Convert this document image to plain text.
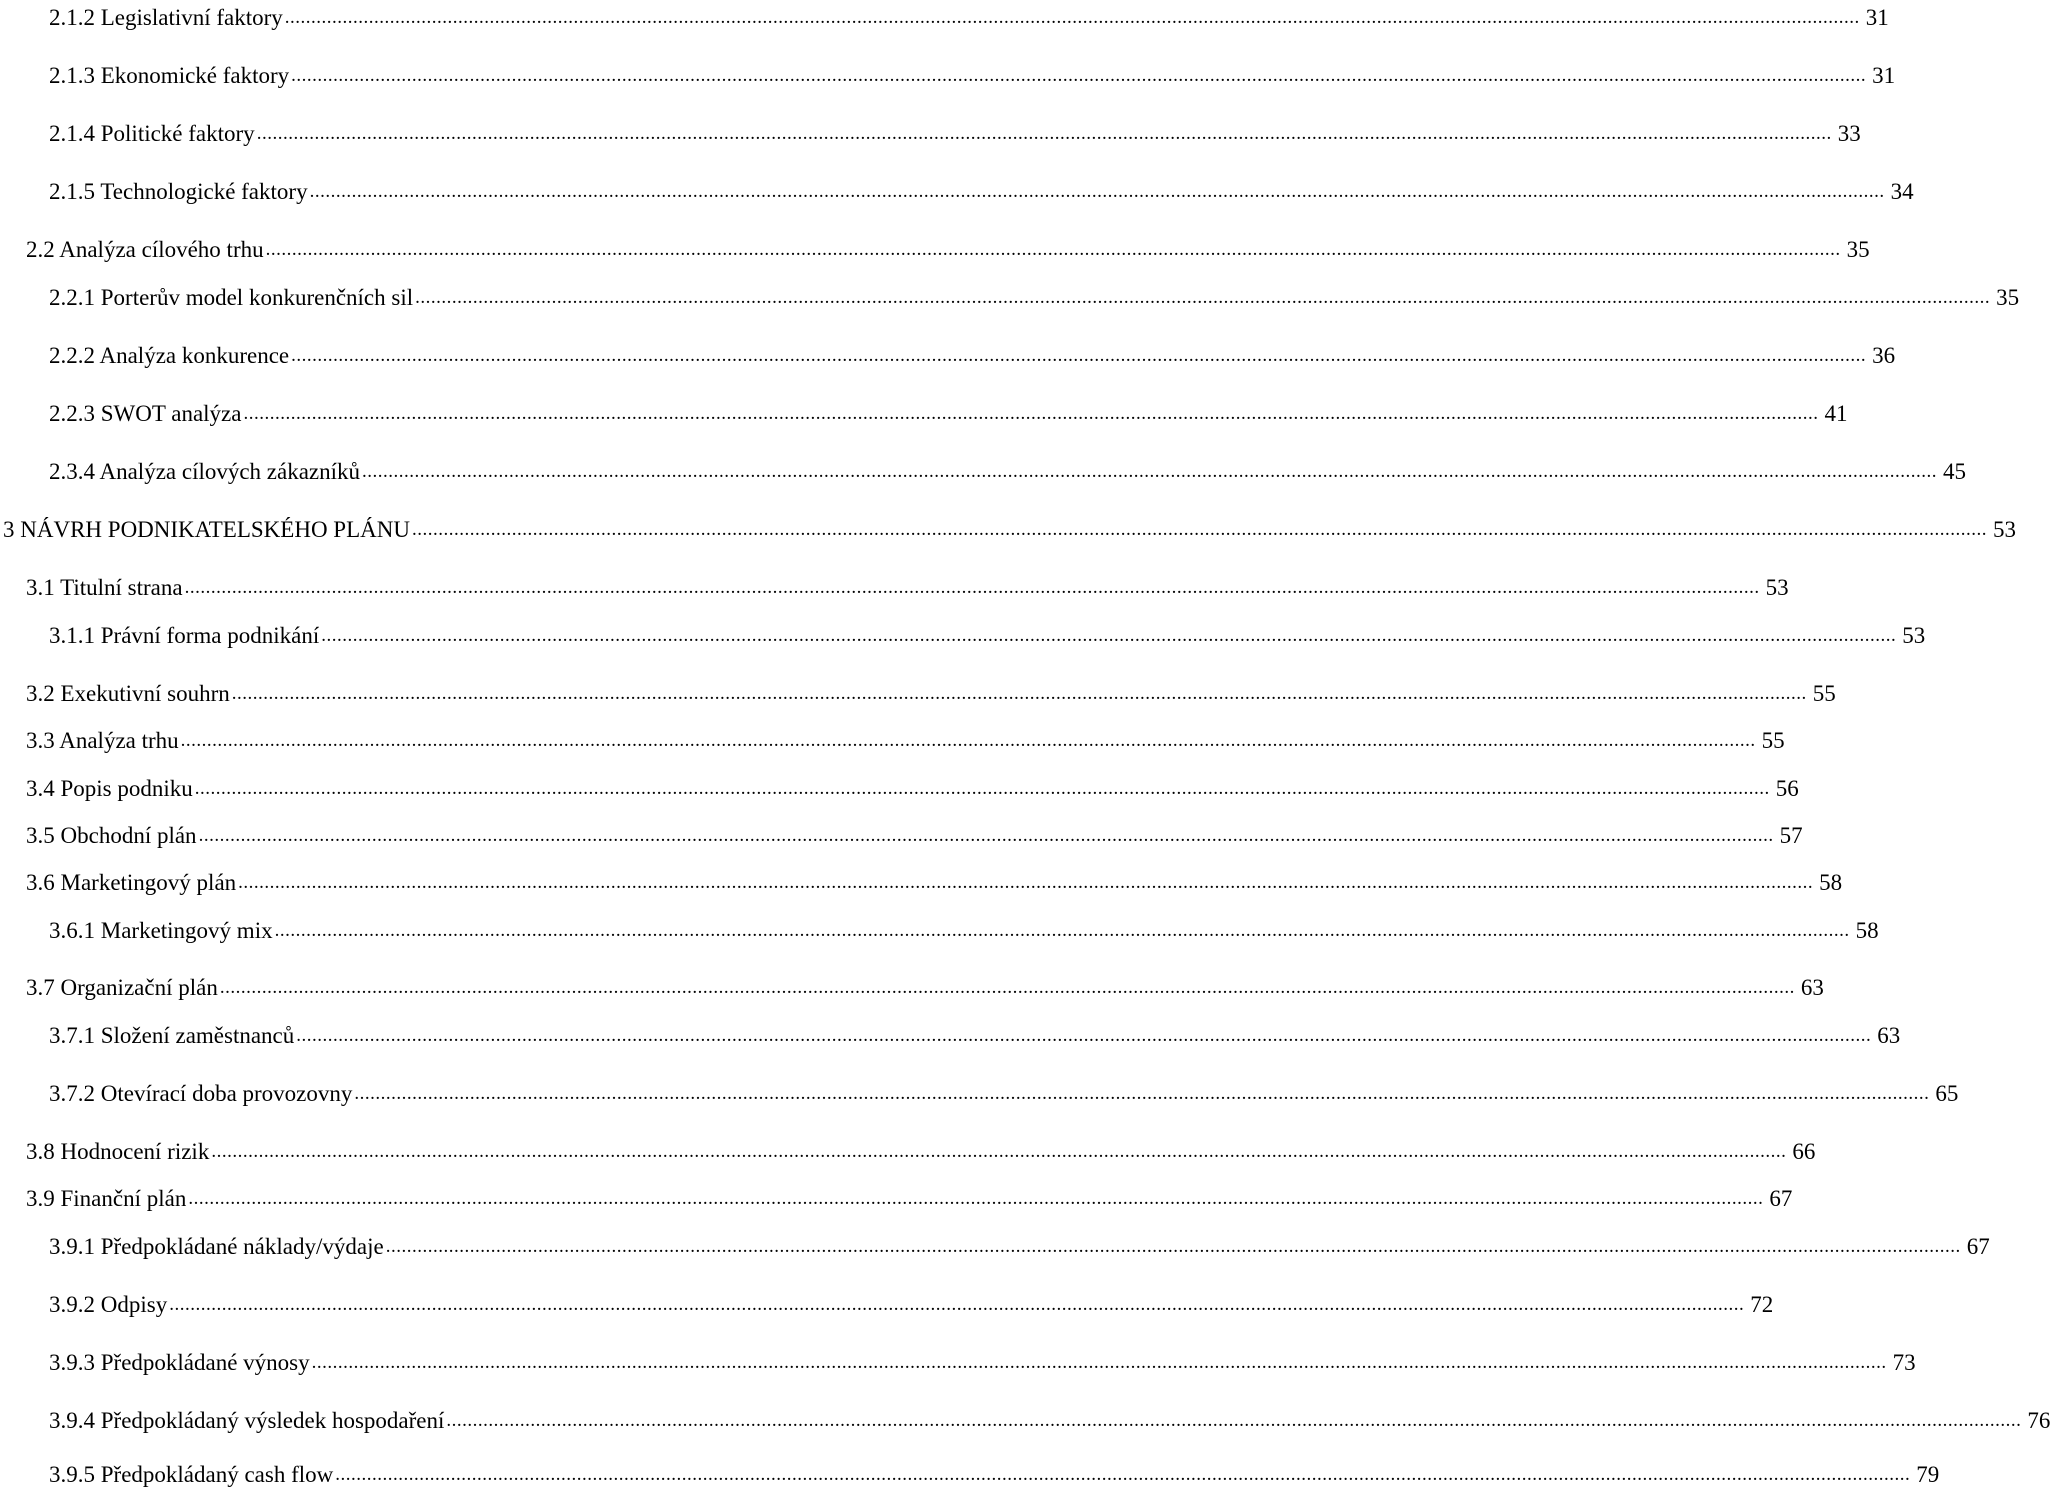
2.1.2 Legislativní faktory ............................................................................................................................................................................................................................................................................................................ 31
2.1.3 Ekonomické faktory ............................................................................................................................................................................................................................................................................................................ 31
2.1.4 Politické faktory ............................................................................................................................................................................................................................................................................................................ 33
2.1.5 Technologické faktory ............................................................................................................................................................................................................................................................................................................ 34
2.2 Analýza cílového trhu ............................................................................................................................................................................................................................................................................................................ 35
2.2.1 Porterův model konkurenčních sil ............................................................................................................................................................................................................................................................................................................ 35
2.2.2 Analýza konkurence ............................................................................................................................................................................................................................................................................................................ 36
2.2.3 SWOT analýza ............................................................................................................................................................................................................................................................................................................ 41
2.3.4 Analýza cílových zákazníků ............................................................................................................................................................................................................................................................................................................ 45
3 NÁVRH PODNIKATELSKÉHO PLÁNU ............................................................................................................................................................................................................................................................................................................ 53
3.1 Titulní strana ............................................................................................................................................................................................................................................................................................................ 53
3.1.1 Právní forma podnikání ............................................................................................................................................................................................................................................................................................................ 53
3.2 Exekutivní souhrn ............................................................................................................................................................................................................................................................................................................ 55
3.3 Analýza trhu ............................................................................................................................................................................................................................................................................................................ 55
3.4 Popis podniku ............................................................................................................................................................................................................................................................................................................ 56
3.5 Obchodní plán ............................................................................................................................................................................................................................................................................................................ 57
3.6 Marketingový plán ............................................................................................................................................................................................................................................................................................................ 58
3.6.1 Marketingový mix ............................................................................................................................................................................................................................................................................................................ 58
3.7 Organizační plán ............................................................................................................................................................................................................................................................................................................ 63
3.7.1 Složení zaměstnanců ............................................................................................................................................................................................................................................................................................................ 63
3.7.2 Otevírací doba provozovny ............................................................................................................................................................................................................................................................................................................ 65
3.8 Hodnocení rizik ............................................................................................................................................................................................................................................................................................................ 66
3.9 Finanční plán ............................................................................................................................................................................................................................................................................................................ 67
3.9.1 Předpokládané náklady/výdaje ............................................................................................................................................................................................................................................................................................................ 67
3.9.2 Odpisy ............................................................................................................................................................................................................................................................................................................ 72
3.9.3 Předpokládané výnosy ............................................................................................................................................................................................................................................................................................................ 73
3.9.4 Předpokládaný výsledek hospodaření ............................................................................................................................................................................................................................................................................................................ 76
3.9.5 Předpokládaný cash flow ............................................................................................................................................................................................................................................................................................................ 79
